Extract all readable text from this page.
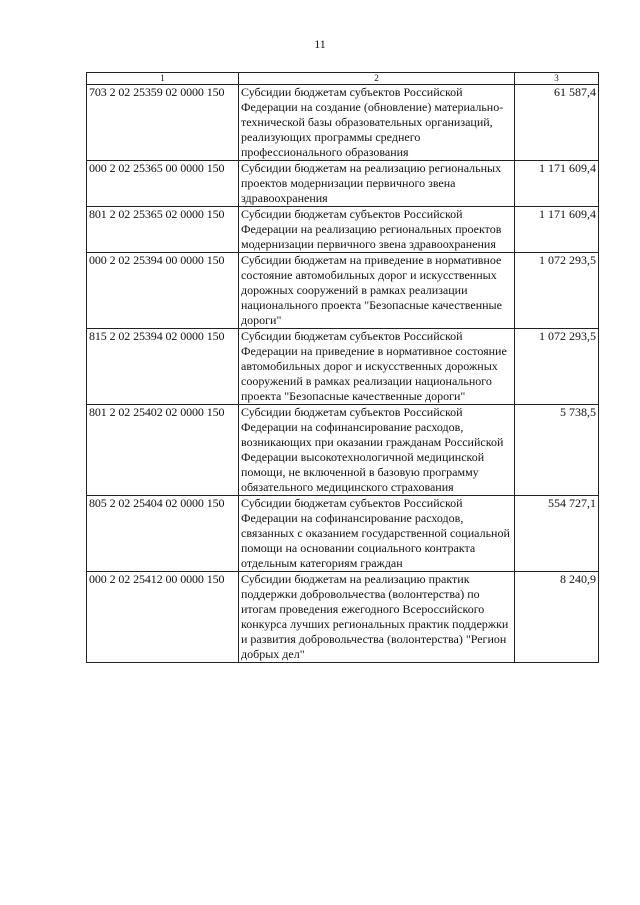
11
1	2	3
703 2 02 25359 02 0000 150	Субсидии бюджетам субъектов Российской Федерации на создание (обновление) материально-технической базы образовательных организаций, реализующих программы среднего профессионального образования	61 587,4
000 2 02 25365 00 0000 150	Субсидии бюджетам на реализацию региональных проектов модернизации первичного звена здравоохранения	1 171 609,4
801 2 02 25365 02 0000 150	Субсидии бюджетам субъектов Российской Федерации на реализацию региональных проектов модернизации первичного звена здравоохранения	1 171 609,4
000 2 02 25394 00 0000 150	Субсидии бюджетам на приведение в нормативное состояние автомобильных дорог и искусственных дорожных сооружений в рамках реализации национального проекта "Безопасные качественные дороги"	1 072 293,5
815 2 02 25394 02 0000 150	Субсидии бюджетам субъектов Российской Федерации на приведение в нормативное состояние автомобильных дорог и искусственных дорожных сооружений в рамках реализации национального проекта "Безопасные качественные дороги"	1 072 293,5
801 2 02 25402 02 0000 150	Субсидии бюджетам субъектов Российской Федерации на софинансирование расходов, возникающих при оказании гражданам Российской Федерации высокотехнологичной медицинской помощи, не включенной в базовую программу обязательного медицинского страхования	5 738,5
805 2 02 25404 02 0000 150	Субсидии бюджетам субъектов Российской Федерации на софинансирование расходов, связанных с оказанием государственной социальной помощи на основании социального контракта отдельным категориям граждан	554 727,1
000 2 02 25412 00 0000 150	Субсидии бюджетам на реализацию практик поддержки добровольчества (волонтерства) по итогам проведения ежегодного Всероссийского конкурса лучших региональных практик поддержки и развития добровольчества (волонтерства) "Регион добрых дел"	8 240,9
